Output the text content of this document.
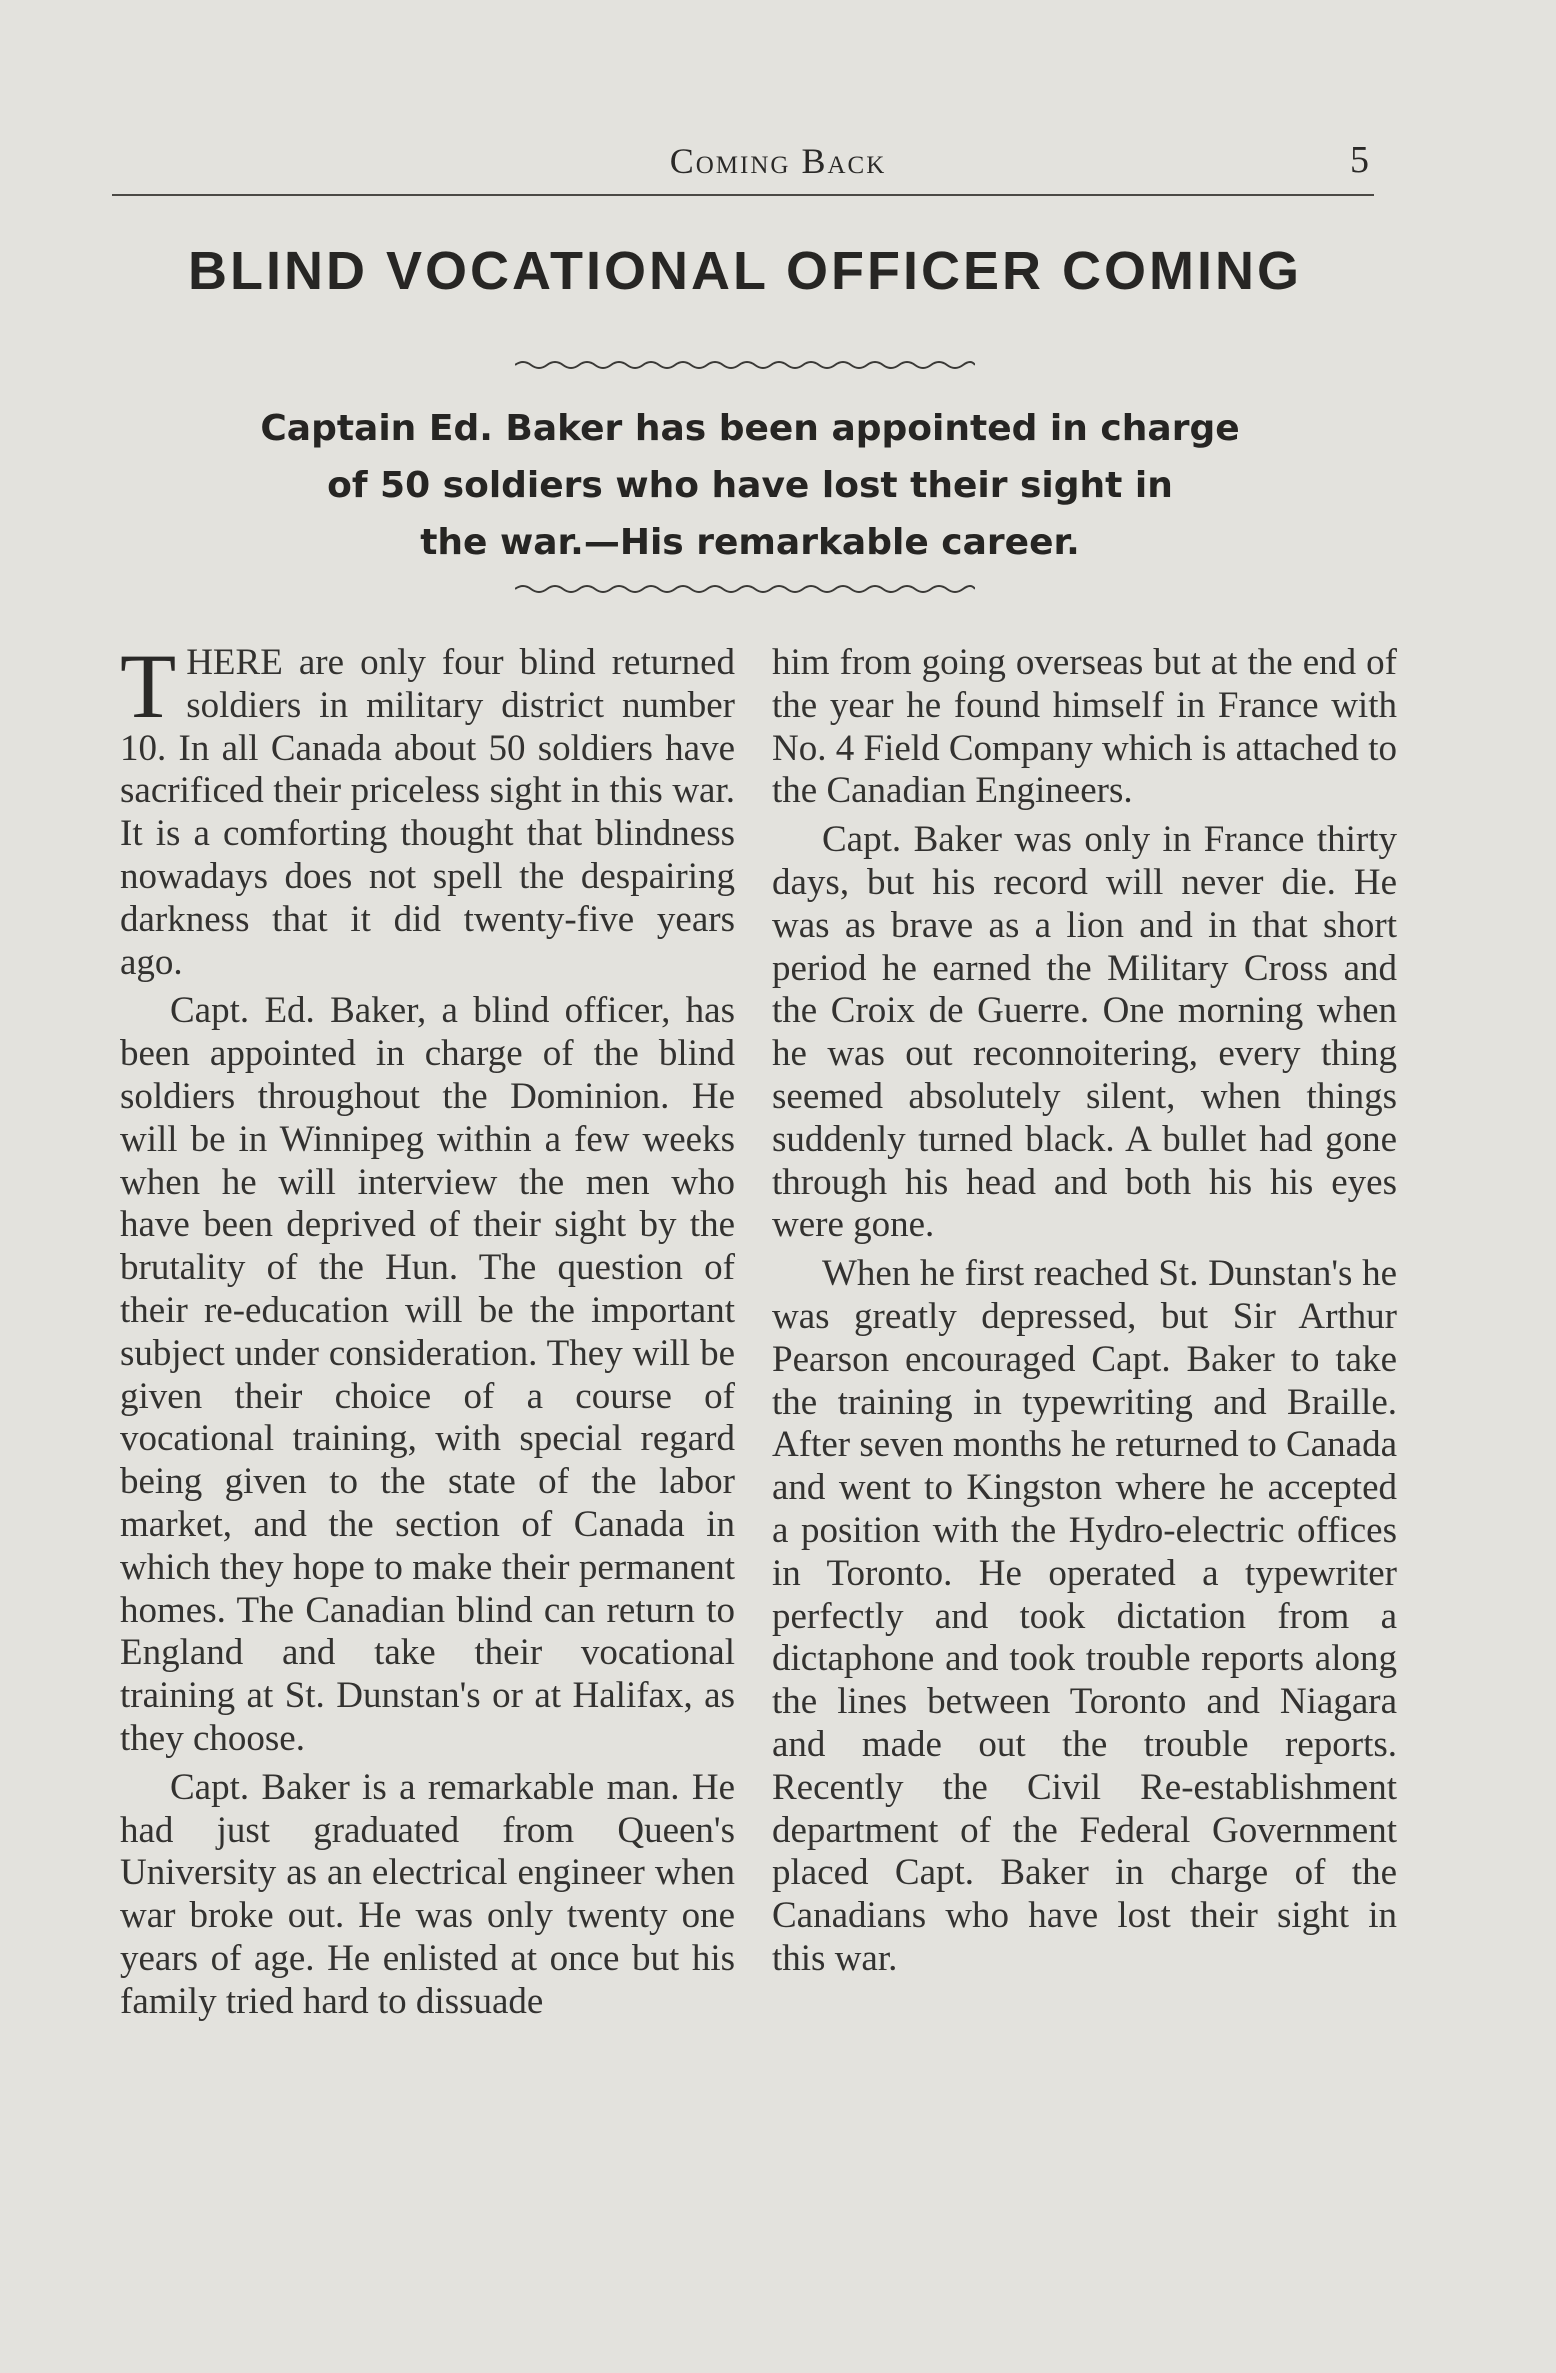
Coming Back	5
BLIND VOCATIONAL OFFICER COMING
Captain Ed. Baker has been appointed in charge
of 50 soldiers who have lost their sight in
the war.—His remarkable career.

THERE are only four blind returned soldiers in military district number 10. In all Canada about 50 soldiers have sacrificed their priceless sight in this war. It is a comforting thought that blindness nowadays does not spell the despairing darkness that it did twenty-five years ago.

Capt. Ed. Baker, a blind officer, has been appointed in charge of the blind soldiers throughout the Dominion. He will be in Winnipeg within a few weeks when he will interview the men who have been deprived of their sight by the brutality of the Hun. The question of their re-education will be the important subject under consideration. They will be given their choice of a course of vocational training, with special regard being given to the state of the labor market, and the section of Canada in which they hope to make their permanent homes. The Canadian blind can return to England and take their vocational training at St. Dunstan's or at Halifax, as they choose.

Capt. Baker is a remarkable man. He had just graduated from Queen's University as an electrical engineer when war broke out. He was only twenty one years of age. He enlisted at once but his family tried hard to dissuade

him from going overseas but at the end of the year he found himself in France with No. 4 Field Company which is attached to the Canadian Engineers.

Capt. Baker was only in France thirty days, but his record will never die. He was as brave as a lion and in that short period he earned the Military Cross and the Croix de Guerre. One morning when he was out reconnoitering, every thing seemed absolutely silent, when things suddenly turned black. A bullet had gone through his head and both his his eyes were gone.

When he first reached St. Dunstan's he was greatly depressed, but Sir Arthur Pearson encouraged Capt. Baker to take the training in typewriting and Braille. After seven months he returned to Canada and went to Kingston where he accepted a position with the Hydro-electric offices in Toronto. He operated a typewriter perfectly and took dictation from a dictaphone and took trouble reports along the lines between Toronto and Niagara and made out the trouble reports. Recently the Civil Re-establishment department of the Federal Government placed Capt. Baker in charge of the Canadians who have lost their sight in this war.
